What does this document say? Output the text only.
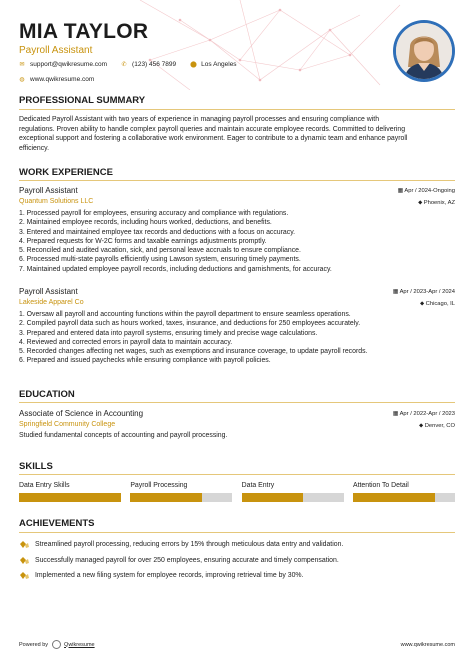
MIA TAYLOR
Payroll Assistant
✉ support@qwikresume.com ✆ (123) 456 7899 ⬤ Los Angeles
◍ www.qwikresume.com
PROFESSIONAL SUMMARY
Dedicated Payroll Assistant with two years of experience in managing payroll processes and ensuring compliance with
regulations. Proven ability to handle complex payroll queries and maintain accurate employee records. Committed to delivering
exceptional support and fostering a collaborative work environment. Eager to contribute to a dynamic team and enhance payroll
efficiency.
WORK EXPERIENCE
Payroll Assistant
Quantum Solutions LLC
▦ Apr / 2024-Ongoing
⬥ Phoenix, AZ
1. Processed payroll for employees, ensuring accuracy and compliance with regulations.
2. Maintained employee records, including hours worked, deductions, and benefits.
3. Entered and maintained employee tax records and deductions with a focus on accuracy.
4. Prepared requests for W-2C forms and taxable earnings adjustments promptly.
5. Reconciled and audited vacation, sick, and personal leave accruals to ensure compliance.
6. Processed multi-state payrolls efficiently using Lawson system, ensuring timely payments.
7. Maintained updated employee payroll records, including deductions and garnishments, for accuracy.
Payroll Assistant
Lakeside Apparel Co
▦ Apr / 2023-Apr / 2024
⬥ Chicago, IL
1. Oversaw all payroll and accounting functions within the payroll department to ensure seamless operations.
2. Compiled payroll data such as hours worked, taxes, insurance, and deductions for 250 employees accurately.
3. Prepared and entered data into payroll systems, ensuring timely and precise wage calculations.
4. Reviewed and corrected errors in payroll data to maintain accuracy.
5. Recorded changes affecting net wages, such as exemptions and insurance coverage, to update payroll records.
6. Prepared and issued paychecks while ensuring compliance with payroll policies.
EDUCATION
Associate of Science in Accounting
Springfield Community College
▦ Apr / 2022-Apr / 2023
⬥ Denver, CO
Studied fundamental concepts of accounting and payroll processing.
SKILLS
Data Entry Skills	Payroll Processing	Data Entry	Attention To Detail
ACHIEVEMENTS
Streamlined payroll processing, reducing errors by 15% through meticulous data entry and validation.
Successfully managed payroll for over 250 employees, ensuring accurate and timely compensation.
Implemented a new filing system for employee records, improving retrieval time by 30%.
Powered by	Qwikresume	www.qwikresume.com
